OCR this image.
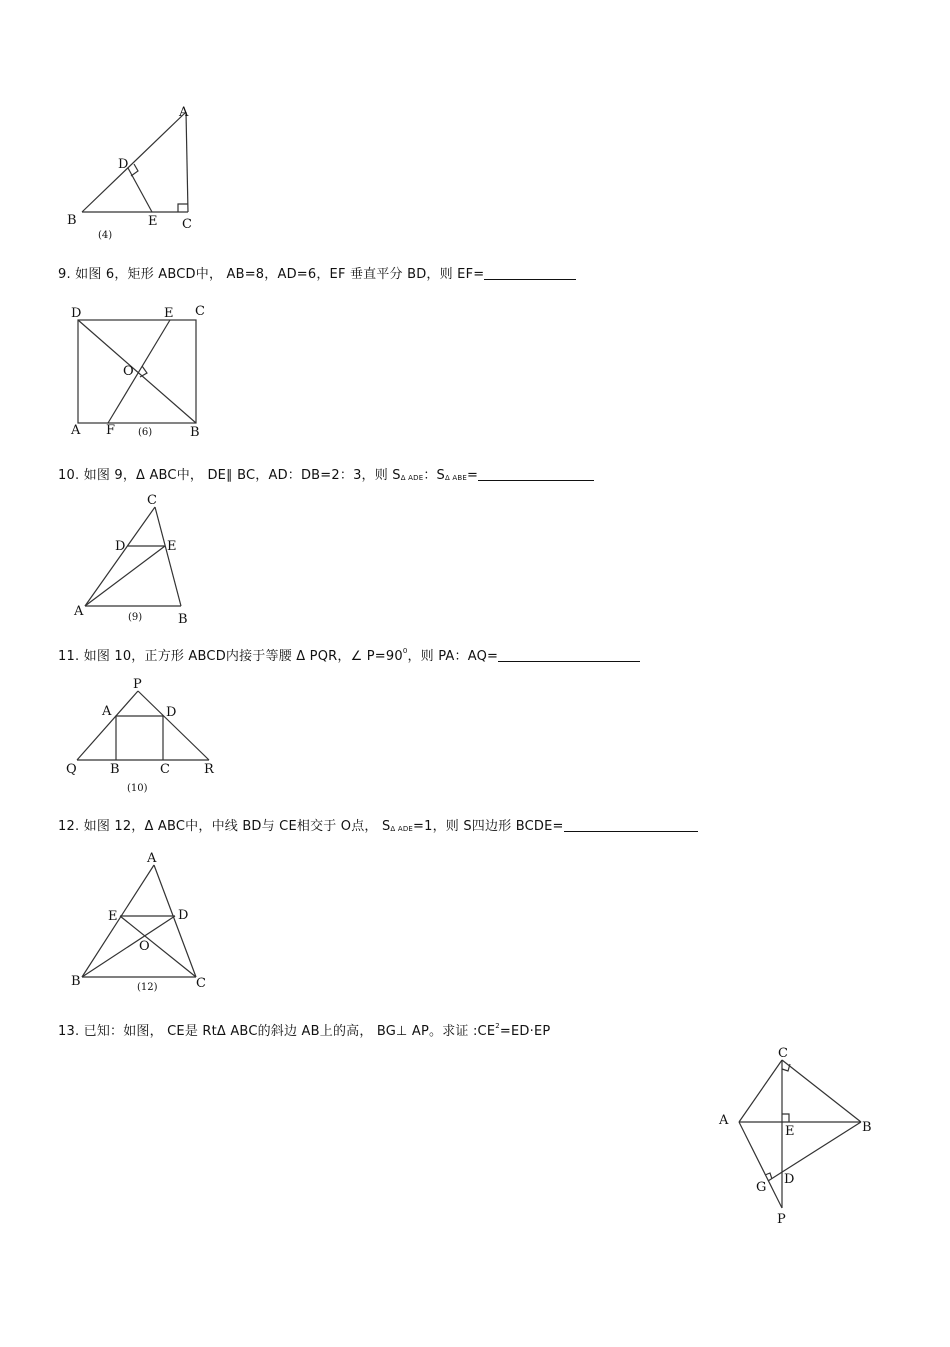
A
D
B	E C
(4)
9. 如图 6，矩形 ABCD中， AB=8，AD=6，EF 垂直平分 BD，则 EF=
D	E C
O
A F	B
(6)
10. 如图 9，Δ ABC中， DE∥ BC，AD：DB=2：3，则 SΔ ADE：SΔ ABE=
C
D	E
A
B
(9)
11. 如图 10，正方形 ABCD内接于等腰 Δ PQR，∠ $P=90^0$，则 PA：AQ=
P
A	D
Q	B	C	R
(10)
12. 如图 12，Δ ABC中，中线 BD与 CE相交于 O点， SΔ ADE=1，则 S四边形 BCDE=
A
E	D
O
B	C
(12)
13. 已知：如图， CE是 RtΔ ABC的斜边 AB上的高， BG⊥ AP。求证 $:CE^2=ED\cdot EP$
C
A
E	B
D
G
P
